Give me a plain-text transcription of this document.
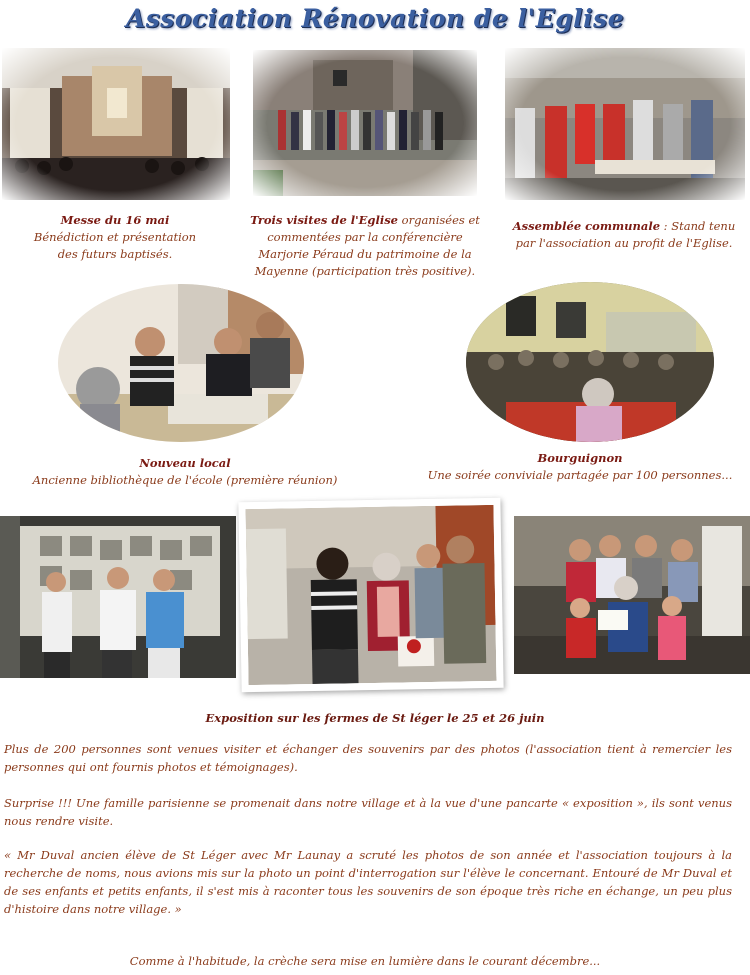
Association Rénovation de l'Eglise
Messe du 16 mai
Bénédiction et présentation
des futurs baptisés.
Trois visites de l'Eglise organisées et
commentées par la conférencière
Marjorie Péraud du patrimoine de la
Mayenne (participation très positive).
Assemblée communale : Stand tenu
par l'association au profit de l'Eglise.
Nouveau local
Ancienne bibliothèque de l'école (première réunion)
Bourguignon
Une soirée conviviale partagée par 100 personnes...
Exposition sur les fermes de St léger le 25 et 26 juin
Plus de 200 personnes sont venues visiter et échanger des souvenirs par des photos (l'association tient à remercier les personnes qui ont fournis photos et témoignages).
Surprise !!! Une famille parisienne se promenait dans notre village et à la vue d'une pancarte « exposition », ils sont venus nous rendre visite.
« Mr Duval ancien élève de St Léger avec Mr Launay a scruté les photos de son année et l'association toujours à la recherche de noms, nous avions mis sur la photo un point d'interrogation sur l'élève le concernant. Entouré de Mr Duval et de ses enfants et petits enfants, il s'est mis à raconter tous les souvenirs de son époque très riche en échange, un peu plus d'histoire dans notre village. »
Comme à l'habitude, la crèche sera mise en lumière dans le courant décembre...
